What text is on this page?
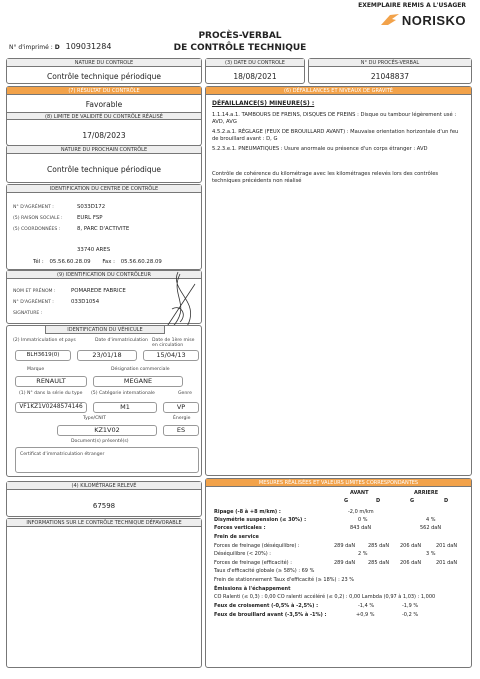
EXEMPLAIRE REMIS A L'USAGER
NORISKO
PROCÈS-VERBAL
DE CONTRÔLE TECHNIQUE
N° d'imprimé : D 109031284
NATURE DU CONTROLE
Contrôle technique périodique
(3) DATE DU CONTROLE
18/08/2021
N° DU PROCÈS-VERBAL
21048837
(7) RÉSULTAT DU CONTRÔLE
Favorable
(8) LIMITE DE VALIDITÉ DU CONTRÔLE RÉALISÉ
17/08/2023
NATURE DU PROCHAIN CONTRÔLE
Contrôle technique périodique
IDENTIFICATION DU CENTRE DE CONTRÔLE
N° D'AGRÉMENT :	S033D172
(5) RAISON SOCIALE :	EURL FSP
(5) COORDONNÉES :	8, PARC D'ACTIVITE
33740 ARES
Tél : 05.56.60.28.09 Fax : 05.56.60.28.09
(9) IDENTIFICATION DU CONTRÔLEUR
NOM ET PRÉNOM :	POMAREDE FABRICE
N° D'AGRÉMENT :	033D1054
SIGNATURE :
IDENTIFICATION DU VÉHICULE
(2) Immatriculation et pays	Date d'immatriculation Date de 1ère mise en circulation
BLH3619(0)	23/01/18	15/04/13
Marque	Désignation commerciale
RENAULT	MEGANE
(1) N° dans la série du type (5) Catégorie internationale	Genre
VF1KZ1V0248574146	M1	VP
Type/CNIT	Énergie
KZ1V02	ES
Document(s) présenté(s)
Certificat d'immatriculation étranger
(4) KILOMÉTRAGE RELEVÉ
67598
INFORMATIONS SUR LE CONTRÔLE TECHNIQUE DÉFAVORABLE
(6) DÉFAILLANCES ET NIVEAUX DE GRAVITÉ
DÉFAILLANCE(S) MINEURE(S) :
1.1.14.a.1. TAMBOURS DE FREINS, DISQUES DE FREINS : Disque ou tambour légèrement usé : AVD, AVG
4.5.2.a.1. RÉGLAGE (FEUX DE BROUILLARD AVANT) : Mauvaise orientation horizontale d'un feu de brouillard avant : D, G
5.2.3.e.1. PNEUMATIQUES : Usure anormale ou présence d'un corps étranger : AVD
Contrôle de cohérence du kilométrage avec les kilométrages relevés lors des contrôles techniques précédents non réalisé
MESURES RÉALISÉES ET VALEURS LIMITES CORRESPONDANTES
AVANT	ARRIERE
G	D	G	D
Ripage (-8 à +8 m/km) :	-2,0 m/km
Disymétrie suspension (≤ 30%) :	0 %	4 %
Forces verticales :	843 daN	562 daN
Frein de service
Forces de freinage (déséquilibre) :	289 daN	285 daN 206 daN	201 daN
Déséquilibre (< 20%) :	2 %	3 %
Forces de freinage (efficacité) :	289 daN	285 daN 206 daN	201 daN
Taux d'efficacité globale (≥ 58%) : 69 %
Frein de stationnement Taux d'efficacité (≥ 18%) : 23 %
Émissions à l'échappement
CO Ralenti (≤ 0,3) : 0,00 CO ralenti accéléré (≤ 0,2) : 0,00 Lambda (0,97 à 1,03) : 1,000
Feux de croisement (-0,5% à -2,5%) :	-1,4 %	-1,9 %
Feux de brouillard avant (-3,5% à -1%) :	+0,9 %	-0,2 %
